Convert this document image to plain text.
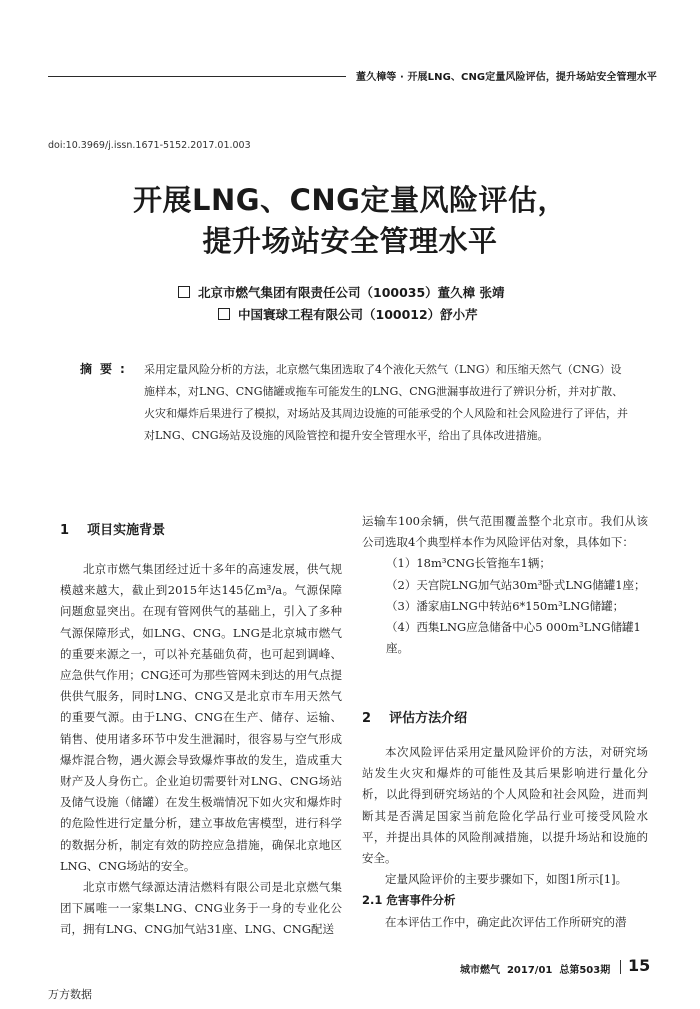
董久樟等 · 开展LNG、CNG定量风险评估，提升场站安全管理水平
doi:10.3969/j.issn.1671-5152.2017.01.003
开展LNG、CNG定量风险评估，
提升场站安全管理水平
北京市燃气集团有限责任公司（100035）董久樟 张靖
中国寰球工程有限公司（100012）舒小芹
摘要: 采用定量风险分析的方法，北京燃气集团选取了4个液化天然气（LNG）和压缩天然气（CNG）设施样本，对LNG、CNG储罐或拖车可能发生的LNG、CNG泄漏事故进行了辨识分析，并对扩散、火灾和爆炸后果进行了模拟，对场站及其周边设施的可能承受的个人风险和社会风险进行了评估，并对LNG、CNG场站及设施的风险管控和提升安全管理水平，给出了具体改进措施。
1    项目实施背景

北京市燃气集团经过近十多年的高速发展，供气规模越来越大，截止到2015年达145亿m³/a。气源保障问题愈显突出。在现有管网供气的基础上，引入了多种气源保障形式，如LNG、CNG。LNG是北京城市燃气的重要来源之一，可以补充基础负荷，也可起到调峰、应急供气作用；CNG还可为那些管网未到达的用气点提供供气服务，同时LNG、CNG又是北京市车用天然气的重要气源。由于LNG、CNG在生产、储存、运输、销售、使用诸多环节中发生泄漏时，很容易与空气形成爆炸混合物，遇火源会导致爆炸事故的发生，造成重大财产及人身伤亡。企业迫切需要针对LNG、CNG场站及储气设施（储罐）在发生极端情况下如火灾和爆炸时的危险性进行定量分析，建立事故危害模型，进行科学的数据分析，制定有效的防控应急措施，确保北京地区LNG、CNG场站的安全。

北京市燃气绿源达清洁燃料有限公司是北京燃气集团下属唯一一家集LNG、CNG业务于一身的专业化公司，拥有LNG、CNG加气站31座、LNG、CNG配送

运输车100余辆，供气范围覆盖整个北京市。我们从该公司选取4个典型样本作为风险评估对象，具体如下：

（1）18m³CNG长管拖车1辆；

（2）天宫院LNG加气站30m³卧式LNG储罐1座；

（3）潘家庙LNG中转站6*150m³LNG储罐；

（4）西集LNG应急储备中心5 000m³LNG储罐1座。

2    评估方法介绍

本次风险评估采用定量风险评价的方法，对研究场站发生火灾和爆炸的可能性及其后果影响进行量化分析，以此得到研究场站的个人风险和社会风险，进而判断其是否满足国家当前危险化学品行业可接受风险水平，并提出具体的风险削减措施，以提升场站和设施的安全。

定量风险评价的主要步骤如下，如图1所示[1]。

2.1 危害事件分析

在本评估工作中，确定此次评估工作所研究的潜

城市燃气  2017/01  总第503期 15
万方数据
